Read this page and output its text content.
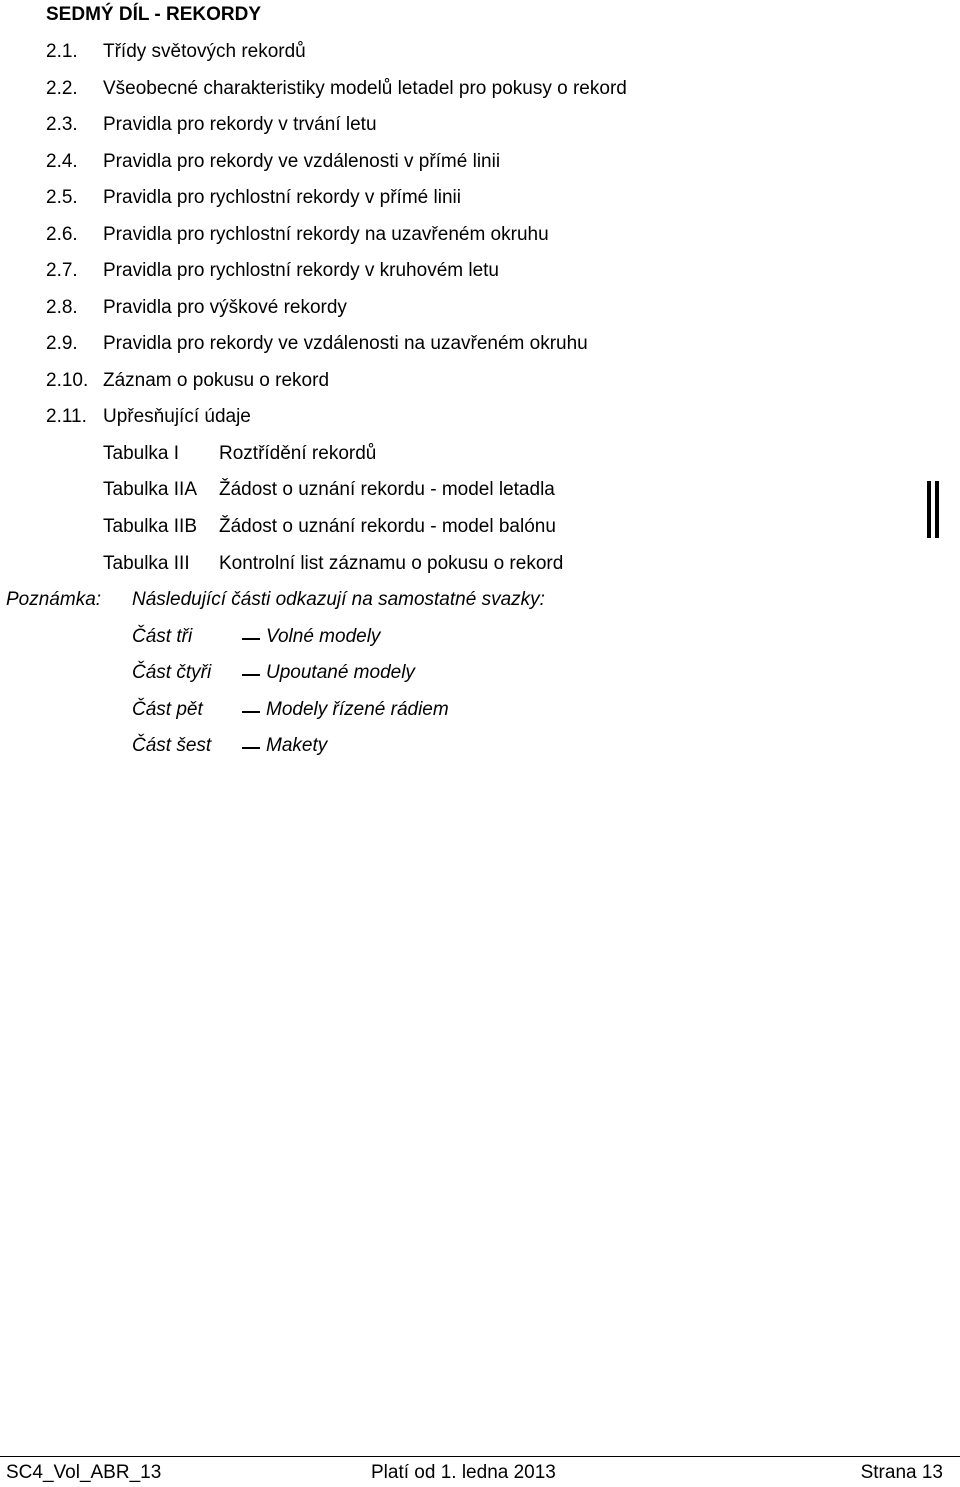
SEDMÝ DÍL - REKORDY
2.1. Třídy světových rekordů
2.2. Všeobecné charakteristiky modelů letadel pro pokusy o rekord
2.3. Pravidla pro rekordy v trvání letu
2.4. Pravidla pro rekordy ve vzdálenosti v přímé linii
2.5. Pravidla pro rychlostní rekordy v přímé linii
2.6. Pravidla pro rychlostní rekordy na uzavřeném okruhu
2.7. Pravidla pro rychlostní rekordy v kruhovém letu
2.8. Pravidla pro výškové rekordy
2.9. Pravidla pro rekordy ve vzdálenosti na uzavřeném okruhu
2.10. Záznam o pokusu o rekord
2.11. Upřesňující údaje
Tabulka I Roztřídění rekordů
Tabulka IIA Žádost o uznání rekordu - model letadla
Tabulka IIB Žádost o uznání rekordu - model balónu
Tabulka III Kontrolní list záznamu o pokusu o rekord
Poznámka: Následující části odkazují na samostatné svazky:
Část tři	Volné modely
Část čtyři	Upoutané modely
Část pět	Modely řízené rádiem
Část šest	Makety
SC4_Vol_ABR_13	Platí od 1. ledna 2013	Strana 13
